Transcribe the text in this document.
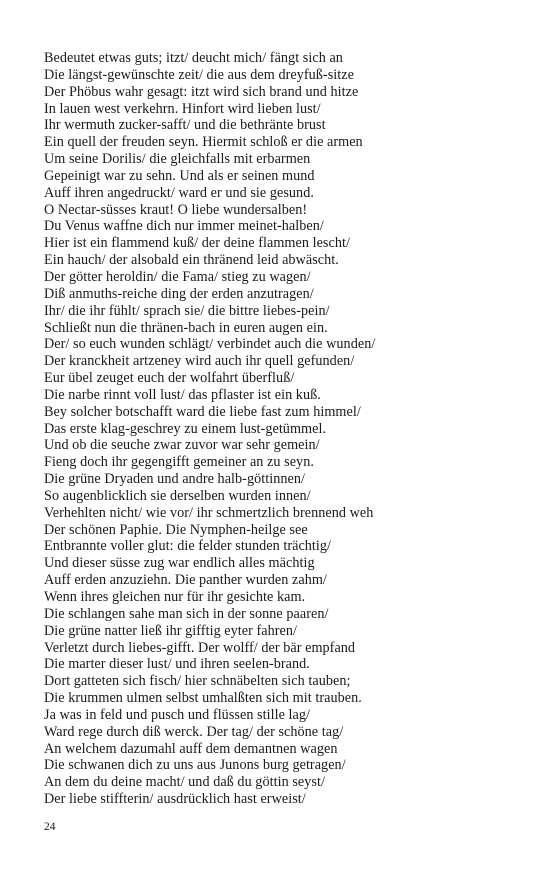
Bedeutet etwas guts; itzt/ deucht mich/ fängt sich an
Die längst-gewünschte zeit/ die aus dem dreyfuß-sitze
Der Phöbus wahr gesagt: itzt wird sich brand und hitze
In lauen west verkehrn. Hinfort wird lieben lust/
Ihr wermuth zucker-safft/ und die bethränte brust
Ein quell der freuden seyn. Hiermit schloß er die armen
Um seine Dorilis/ die gleichfalls mit erbarmen
Gepeinigt war zu sehn. Und als er seinen mund
Auff ihren angedruckt/ ward er und sie gesund.
O Nectar-süsses kraut! O liebe wundersalben!
Du Venus waffne dich nur immer meinet-halben/
Hier ist ein flammend kuß/ der deine flammen lescht/
Ein hauch/ der alsobald ein thränend leid abwäscht.
Der götter heroldin/ die Fama/ stieg zu wagen/
Diß anmuths-reiche ding der erden anzutragen/
Ihr/ die ihr fühlt/ sprach sie/ die bittre liebes-pein/
Schließt nun die thränen-bach in euren augen ein.
Der/ so euch wunden schlägt/ verbindet auch die wunden/
Der kranckheit artzeney wird auch ihr quell gefunden/
Eur übel zeuget euch der wolfahrt überfluß/
Die narbe rinnt voll lust/ das pflaster ist ein kuß.
Bey solcher botschafft ward die liebe fast zum himmel/
Das erste klag-geschrey zu einem lust-getümmel.
Und ob die seuche zwar zuvor war sehr gemein/
Fieng doch ihr gegengifft gemeiner an zu seyn.
Die grüne Dryaden und andre halb-göttinnen/
So augenblicklich sie derselben wurden innen/
Verhehlten nicht/ wie vor/ ihr schmertzlich brennend weh
Der schönen Paphie. Die Nymphen-heilge see
Entbrannte voller glut: die felder stunden trächtig/
Und dieser süsse zug war endlich alles mächtig
Auff erden anzuziehn. Die panther wurden zahm/
Wenn ihres gleichen nur für ihr gesichte kam.
Die schlangen sahe man sich in der sonne paaren/
Die grüne natter ließ ihr gifftig eyter fahren/
Verletzt durch liebes-gifft. Der wolff/ der bär empfand
Die marter dieser lust/ und ihren seelen-brand.
Dort gatteten sich fisch/ hier schnäbelten sich tauben;
Die krummen ulmen selbst umhalßten sich mit trauben.
Ja was in feld und pusch und flüssen stille lag/
Ward rege durch diß werck. Der tag/ der schöne tag/
An welchem dazumahl auff dem demantnen wagen
Die schwanen dich zu uns aus Junons burg getragen/
An dem du deine macht/ und daß du göttin seyst/
Der liebe stiffterin/ ausdrücklich hast erweist/
24
